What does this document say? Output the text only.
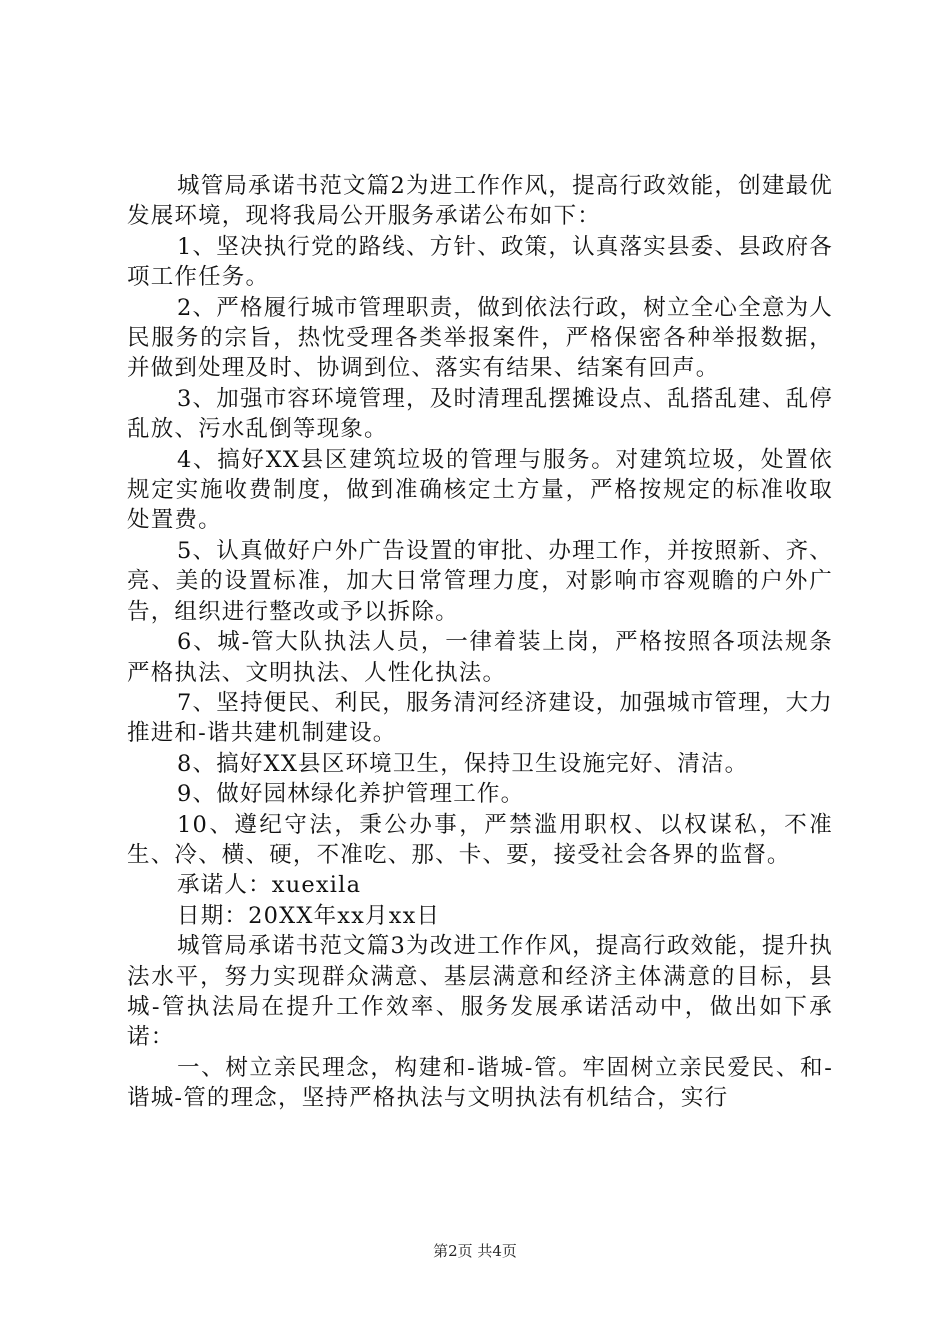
城管局承诺书范文篇2为进工作作风，提高行政效能，创建最优发展环境，现将我局公开服务承诺公布如下：

1、坚决执行党的路线、方针、政策，认真落实县委、县政府各项工作任务。

2、严格履行城市管理职责，做到依法行政，树立全心全意为人民服务的宗旨，热忱受理各类举报案件，严格保密各种举报数据，并做到处理及时、协调到位、落实有结果、结案有回声。

3、加强市容环境管理，及时清理乱摆摊设点、乱搭乱建、乱停乱放、污水乱倒等现象。

4、搞好XX县区建筑垃圾的管理与服务。对建筑垃圾，处置依规定实施收费制度，做到准确核定土方量，严格按规定的标准收取处置费。

5、认真做好户外广告设置的审批、办理工作，并按照新、齐、亮、美的设置标准，加大日常管理力度，对影响市容观瞻的户外广告，组织进行整改或予以拆除。

6、城-管大队执法人员，一律着装上岗，严格按照各项法规条严格执法、文明执法、人性化执法。

7、坚持便民、利民，服务清河经济建设，加强城市管理，大力推进和-谐共建机制建设。

8、搞好XX县区环境卫生，保持卫生设施完好、清洁。

9、做好园林绿化养护管理工作。

10、遵纪守法，秉公办事，严禁滥用职权、以权谋私，不准生、冷、横、硬，不准吃、那、卡、要，接受社会各界的监督。

承诺人：xuexila

日期：20XX年xx月xx日

城管局承诺书范文篇3为改进工作作风，提高行政效能，提升执法水平，努力实现群众满意、基层满意和经济主体满意的目标，县城-管执法局在提升工作效率、服务发展承诺活动中，做出如下承诺：

一、树立亲民理念，构建和-谐城-管。牢固树立亲民爱民、和-谐城-管的理念，坚持严格执法与文明执法有机结合，实行

第2页 共4页
